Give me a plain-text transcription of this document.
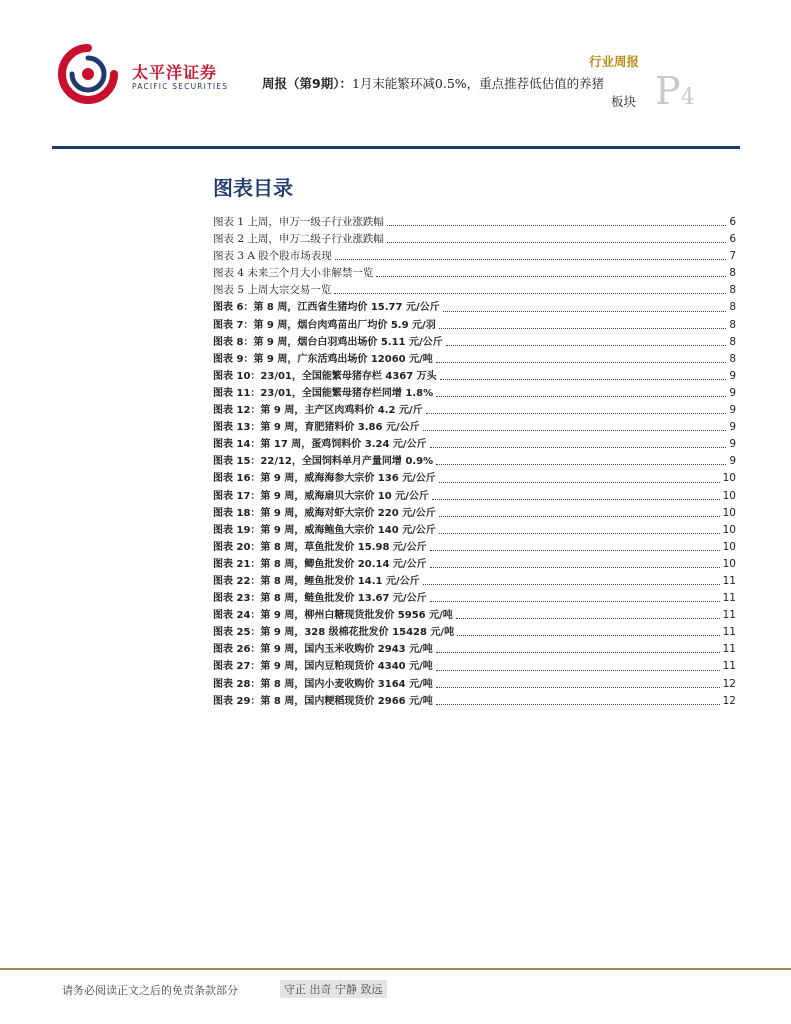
太平洋证券
PACIFIC SECURITIES
行业周报
周报（第9期）：1月末能繁环减0.5%，重点推荐低估值的养猪
板块 P4
图表目录
图表 1 上周，申万一级子行业涨跌幅	6
图表 2 上周，申万二级子行业涨跌幅	6
图表 3 A 股个股市场表现	7
图表 4 未来三个月大小非解禁一览	8
图表 5 上周大宗交易一览	8
图表 6：第 8 周，江西省生猪均价 15.77 元/公斤	8
图表 7：第 9 周，烟台肉鸡苗出厂均价 5.9 元/羽	8
图表 8：第 9 周，烟台白羽鸡出场价 5.11 元/公斤	8
图表 9：第 9 周，广东活鸡出场价 12060 元/吨	8
图表 10：23/01，全国能繁母猪存栏 4367 万头	9
图表 11：23/01，全国能繁母猪存栏同增 1.8%	9
图表 12：第 9 周，主产区肉鸡料价 4.2 元/斤	9
图表 13：第 9 周，育肥猪料价 3.86 元/公斤	9
图表 14：第 17 周，蛋鸡饲料价 3.24 元/公斤	9
图表 15：22/12，全国饲料单月产量同增 0.9%	9
图表 16：第 9 周，威海海参大宗价 136 元/公斤	10
图表 17：第 9 周，威海扇贝大宗价 10 元/公斤	10
图表 18：第 9 周，威海对虾大宗价 220 元/公斤	10
图表 19：第 9 周，威海鲍鱼大宗价 140 元/公斤	10
图表 20：第 8 周，草鱼批发价 15.98 元/公斤	10
图表 21：第 8 周，鲫鱼批发价 20.14 元/公斤	10
图表 22：第 8 周，鲤鱼批发价 14.1 元/公斤	11
图表 23：第 8 周，鲢鱼批发价 13.67 元/公斤	11
图表 24：第 9 周，柳州白糖现货批发价 5956 元/吨	11
图表 25：第 9 周，328 级棉花批发价 15428 元/吨	11
图表 26：第 9 周，国内玉米收购价 2943 元/吨	11
图表 27：第 9 周，国内豆粕现货价 4340 元/吨	11
图表 28：第 8 周，国内小麦收购价 3164 元/吨	12
图表 29：第 8 周，国内粳稻现货价 2966 元/吨	12
请务必阅读正文之后的免责条款部分	守正 出奇 宁静 致远
